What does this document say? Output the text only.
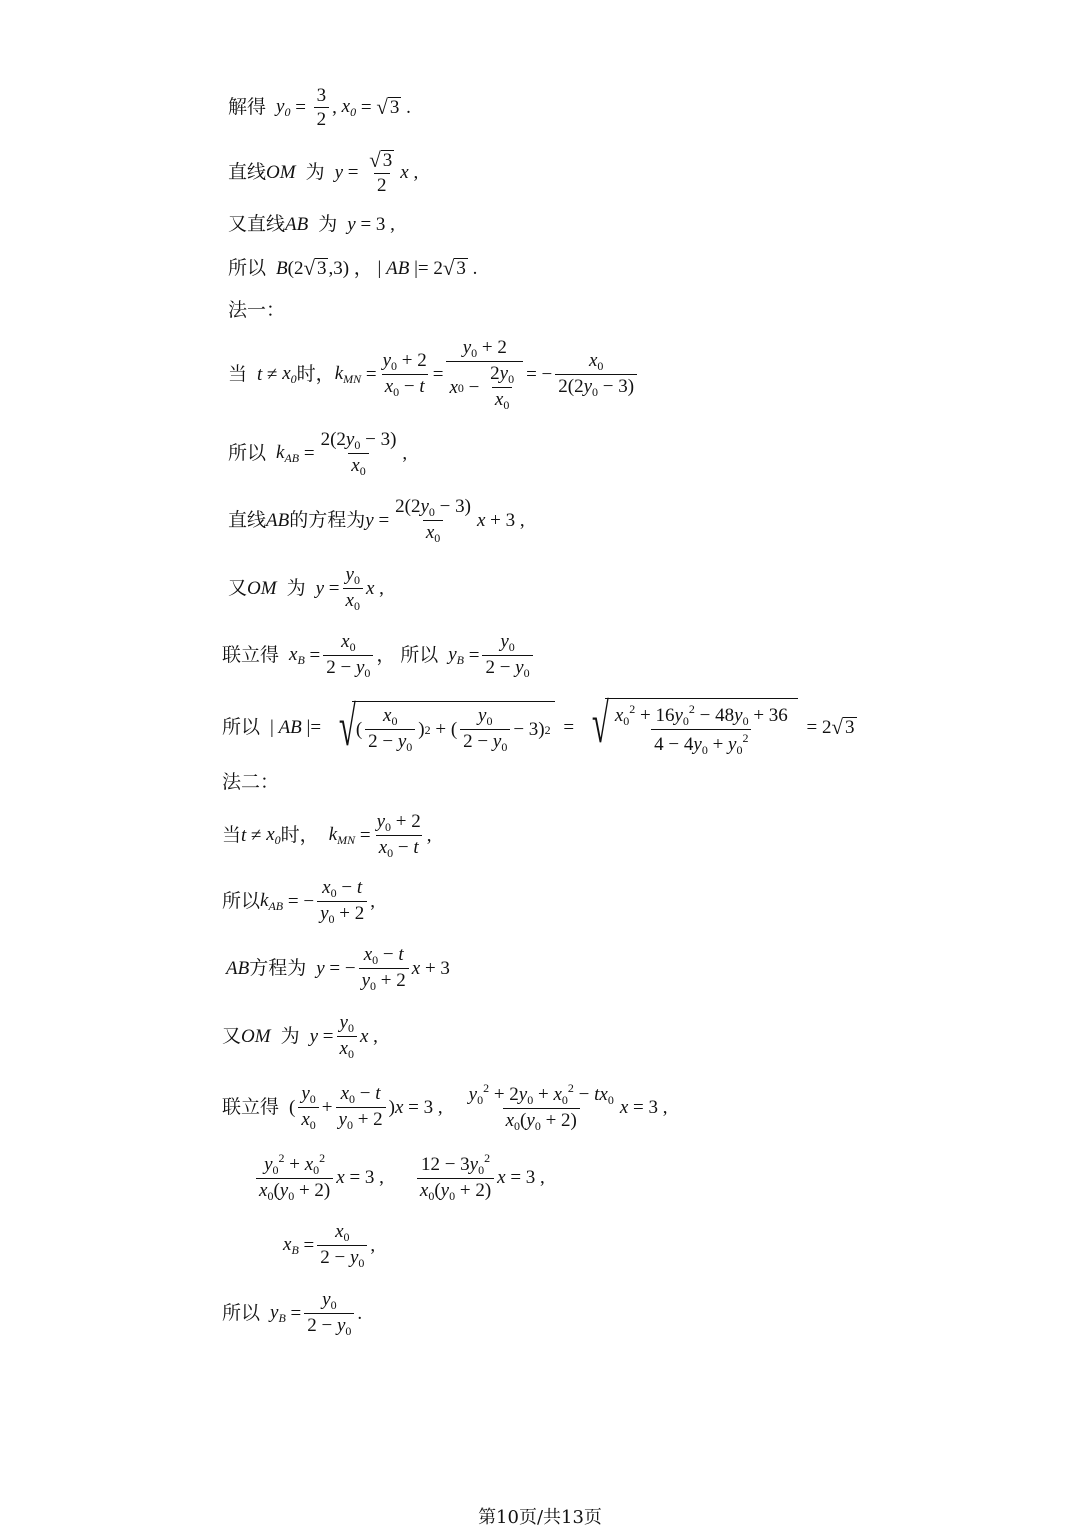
解得 $y_0 = \frac{3}{2}$ , $x_0$ = √ 3 .
直线 OM 为 $y = \frac{√ 3}{2}$ x ,
又直线 AB 为 y = 3 ,
所以 B(2 √ 3 ,3) ， | AB |= 2 √ 3 .
法一：
当 $t \ne x_0$ 时， $k_{MN} = \frac{y_0 + 2}{x_0 - t} = \frac{y_0 + 2}{x 0 - \frac{2y_0}{x_0}}$ = − $\frac{x_0}{2(2y_0 - 3)}$
所以 $k_{AB} = \frac{2(2y_0 - 3)}{x_0}$ ,
直线 AB 的方程为 $y = \frac{2(2y_0 - 3)}{x_0}$ x + 3 ,
又 OM 为 $y = \frac{y_0}{x_0}$ x ,
联立得 $x_B = \frac{x_0}{2 - y_0}$ ， 所以 $y_B = \frac{y_0}{2 - y_0}$
所以 | AB |= √ ( $\frac{x_0}{2 - y_0}$ ) 2 + ( $\frac{y_0}{2 - y_0} - 3$) 2 = √ $\frac{x_0^2 + 16y_0^2 - 48y_0 + 36}{4 - 4y_0 + y_0^2} = 2$ √ 3
法二：
当 $t \ne x_0$ 时， $k_{MN} = \frac{y_0 + 2}{x_0 - t}$ ,
所以 $k_{AB}$ = − $\frac{x_0 - t}{y_0 + 2}$ ,
AB 方程为 y = − $\frac{x_0 - t}{y_0 + 2}$ x + 3
又 OM 为 $y = \frac{y_0}{x_0}$ x ,
联立得 ( $\frac{y_0}{x_0} + \frac{x_0 - t}{y_0 + 2} )x = 3$ , $\frac{y_0^2 + 2y_0 + x_0^2 - tx_0}{x_0(y_0 + 2)}$ x = 3 ,
$\frac{y_0^2 + x_0^2}{x_0(y_0 + 2)}$ x = 3 , $\frac{12 - 3y_0^2}{x_0(y_0 + 2)}$ x = 3 ,
$x_B = \frac{x_0}{2 - y_0}$ ,
所以 $y_B = \frac{y_0}{2 - y_0}$ .
第10页/共13页
